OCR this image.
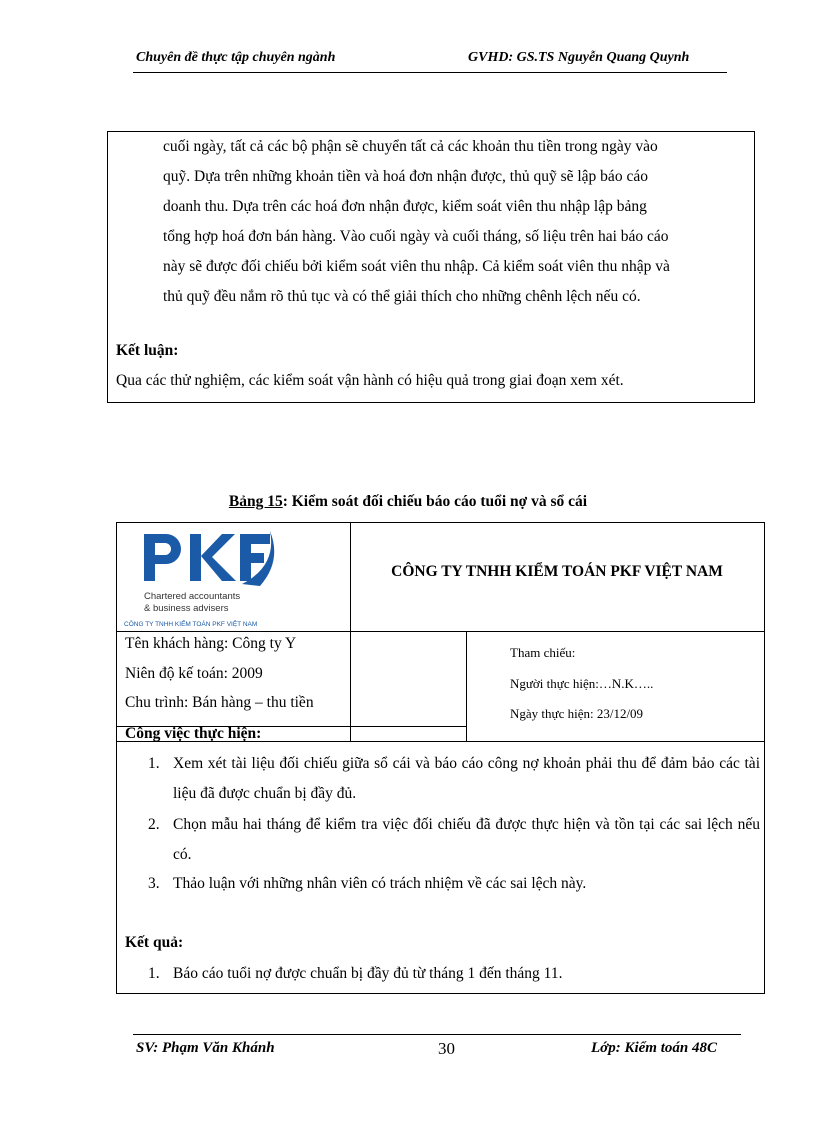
Chuyên đề thực tập chuyên ngành	GVHD: GS.TS Nguyễn Quang Quynh
cuối ngày, tất cả các bộ phận sẽ chuyển tất cả các khoản thu tiền trong ngày vào
quỹ. Dựa trên những khoản tiền và hoá đơn nhận được, thủ quỹ sẽ lập báo cáo
doanh thu. Dựa trên các hoá đơn nhận được, kiểm soát viên thu nhập lập bảng
tổng hợp hoá đơn bán hàng. Vào cuối ngày và cuối tháng, số liệu trên hai báo cáo
này sẽ được đối chiếu bởi kiểm soát viên thu nhập. Cả kiểm soát viên thu nhập và
thủ quỹ đều nắm rõ thủ tục và có thể giải thích cho những chênh lệch nếu có.
Kết luận:
Qua các thử nghiệm, các kiểm soát vận hành có hiệu quả trong giai đoạn xem xét.
Bảng 15: Kiểm soát đối chiếu báo cáo tuổi nợ và sổ cái
Chartered accountants
& business advisers
CÔNG TY TNHH KIỂM TOÁN PKF VIỆT NAM
CÔNG TY TNHH KIỂM TOÁN PKF VIỆT NAM
Tên khách hàng: Công ty Y
Niên độ kế toán: 2009
Chu trình: Bán hàng – thu tiền
Tham chiếu:
Người thực hiện:…N.K…..
Ngày thực hiện: 23/12/09
Công việc thực hiện:
1. Xem xét tài liệu đối chiếu giữa sổ cái và báo cáo công nợ khoản phải thu để đảm bảo các tài liệu đã được chuẩn bị đầy đủ.
2. Chọn mẫu hai tháng để kiểm tra việc đối chiếu đã được thực hiện và tồn tại các sai lệch nếu có.
3. Thảo luận với những nhân viên có trách nhiệm về các sai lệch này.
Kết quả:
1. Báo cáo tuổi nợ được chuẩn bị đầy đủ từ tháng 1 đến tháng 11.
SV: Phạm Văn Khánh	30	Lớp: Kiểm toán 48C
